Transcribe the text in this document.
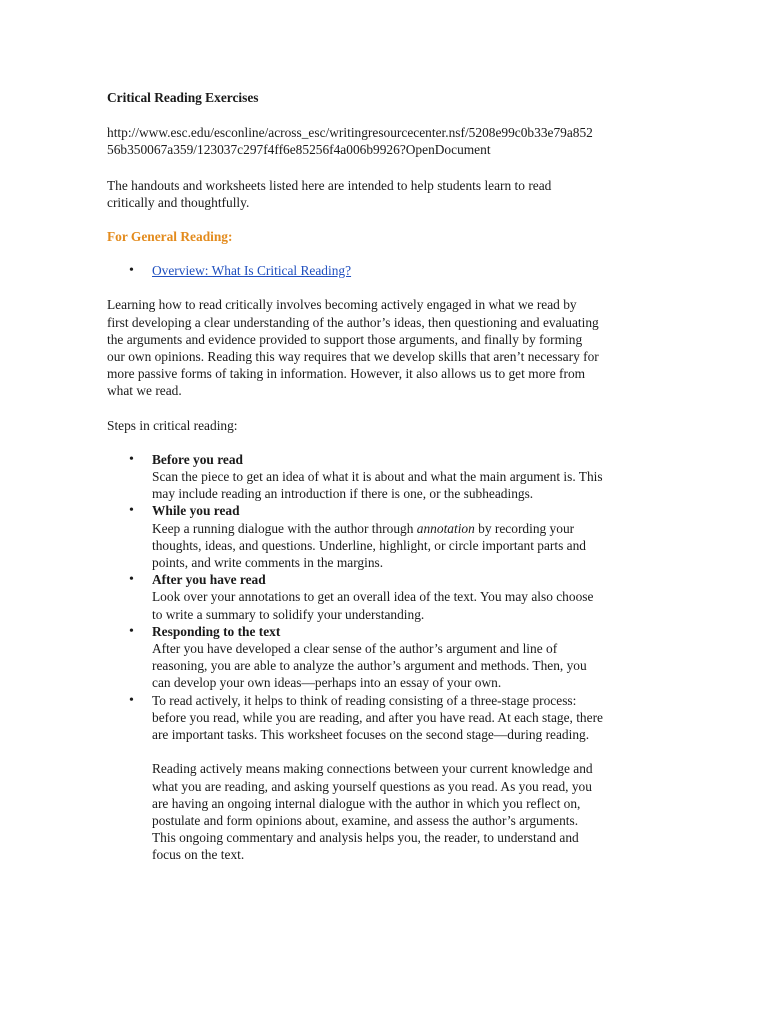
Critical Reading Exercises
http://www.esc.edu/esconline/across_esc/writingresourcecenter.nsf/5208e99c0b33e79a852
56b350067a359/123037c297f4ff6e85256f4a006b9926?OpenDocument
The handouts and worksheets listed here are intended to help students learn to read
critically and thoughtfully.
For General Reading:
• Overview: What Is Critical Reading?
Learning how to read critically involves becoming actively engaged in what we read by
first developing a clear understanding of the author’s ideas, then questioning and evaluating
the arguments and evidence provided to support those arguments, and finally by forming
our own opinions. Reading this way requires that we develop skills that aren’t necessary for
more passive forms of taking in information. However, it also allows us to get more from
what we read.
Steps in critical reading:
• Before you read
Scan the piece to get an idea of what it is about and what the main argument is. This
may include reading an introduction if there is one, or the subheadings.
• While you read
Keep a running dialogue with the author through annotation by recording your
thoughts, ideas, and questions. Underline, highlight, or circle important parts and
points, and write comments in the margins.
• After you have read
Look over your annotations to get an overall idea of the text. You may also choose
to write a summary to solidify your understanding.
• Responding to the text
After you have developed a clear sense of the author’s argument and line of
reasoning, you are able to analyze the author’s argument and methods. Then, you
can develop your own ideas—perhaps into an essay of your own.
• To read actively, it helps to think of reading consisting of a three-stage process:
before you read, while you are reading, and after you have read. At each stage, there
are important tasks. This worksheet focuses on the second stage—during reading.
Reading actively means making connections between your current knowledge and
what you are reading, and asking yourself questions as you read. As you read, you
are having an ongoing internal dialogue with the author in which you reflect on,
postulate and form opinions about, examine, and assess the author’s arguments.
This ongoing commentary and analysis helps you, the reader, to understand and
focus on the text.
